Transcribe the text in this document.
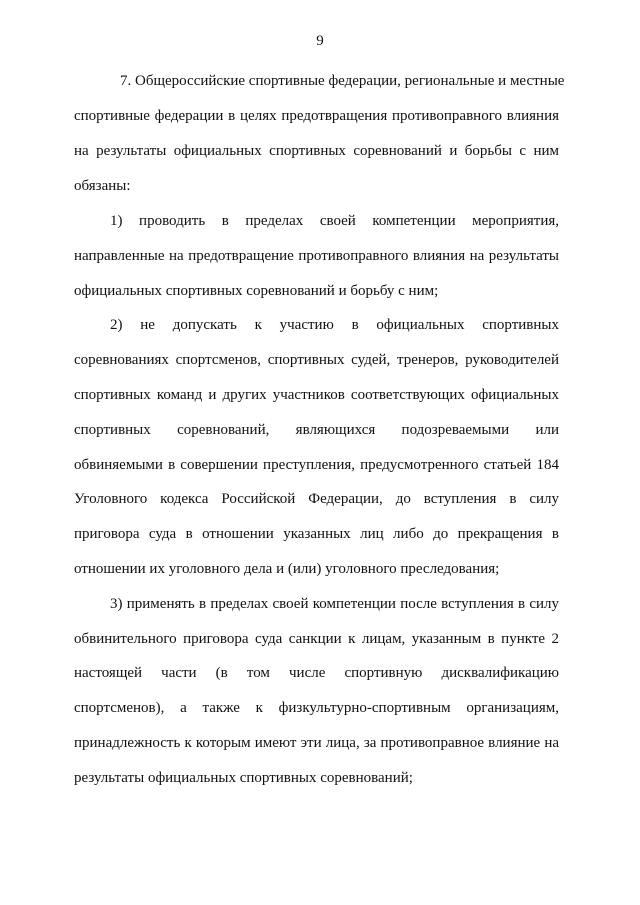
9
7. Общероссийские спортивные федерации, региональные и местные
спортивные федерации в целях предотвращения противоправного влияния
на результаты официальных спортивных соревнований и борьбы с ним
обязаны:
1) проводить в пределах своей компетенции мероприятия,
направленные на предотвращение противоправного влияния на результаты
официальных спортивных соревнований и борьбу с ним;
2) не допускать к участию в официальных спортивных
соревнованиях спортсменов, спортивных судей, тренеров, руководителей
спортивных команд и других участников соответствующих официальных
спортивных соревнований, являющихся подозреваемыми или
обвиняемыми в совершении преступления, предусмотренного статьей 184
Уголовного кодекса Российской Федерации, до вступления в силу
приговора суда в отношении указанных лиц либо до прекращения в
отношении их уголовного дела и (или) уголовного преследования;
3) применять в пределах своей компетенции после вступления в силу
обвинительного приговора суда санкции к лицам, указанным в пункте 2
настоящей части (в том числе спортивную дисквалификацию
спортсменов), а также к физкультурно-спортивным организациям,
принадлежность к которым имеют эти лица, за противоправное влияние на
результаты официальных спортивных соревнований;
